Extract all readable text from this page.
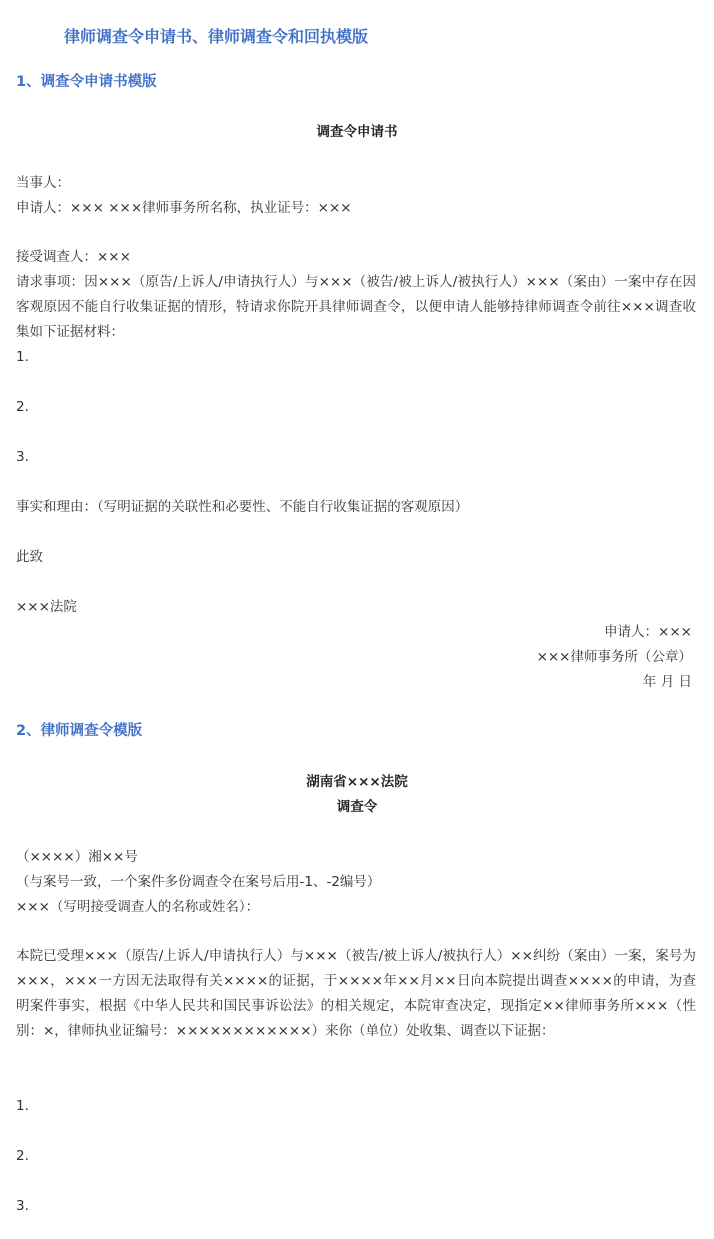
律师调查令申请书、律师调查令和回执模版
1、调查令申请书模版
调查令申请书

当事人：

申请人：××× ×××律师事务所名称，执业证号：×××

接受调查人：×××

请求事项：因×××（原告/上诉人/申请执行人）与×××（被告/被上诉人/被执行人）×××（案由）一案中存在因客观原因不能自行收集证据的情形，特请求你院开具律师调查令，以便申请人能够持律师调查令前往×××调查收集如下证据材料：

1.

2.

3.

事实和理由：（写明证据的关联性和必要性、不能自行收集证据的客观原因）

此致

×××法院

申请人：×××
×××律师事务所（公章）
年 月 日
2、律师调查令模版
湖南省×××法院
调查令

（××××）湘××号

（与案号一致，一个案件多份调查令在案号后用-1、-2编号）

×××（写明接受调查人的名称或姓名）：

本院已受理×××（原告/上诉人/申请执行人）与×××（被告/被上诉人/被执行人）××纠纷（案由）一案，案号为×××，×××一方因无法取得有关××××的证据，于××××年××月××日向本院提出调查××××的申请，为查明案件事实，根据《中华人民共和国民事诉讼法》的相关规定，本院审查决定，现指定××律师事务所×××（性别：×，律师执业证编号：××××××××××××）来你（单位）处收集、调查以下证据：

1.

2.

3.
